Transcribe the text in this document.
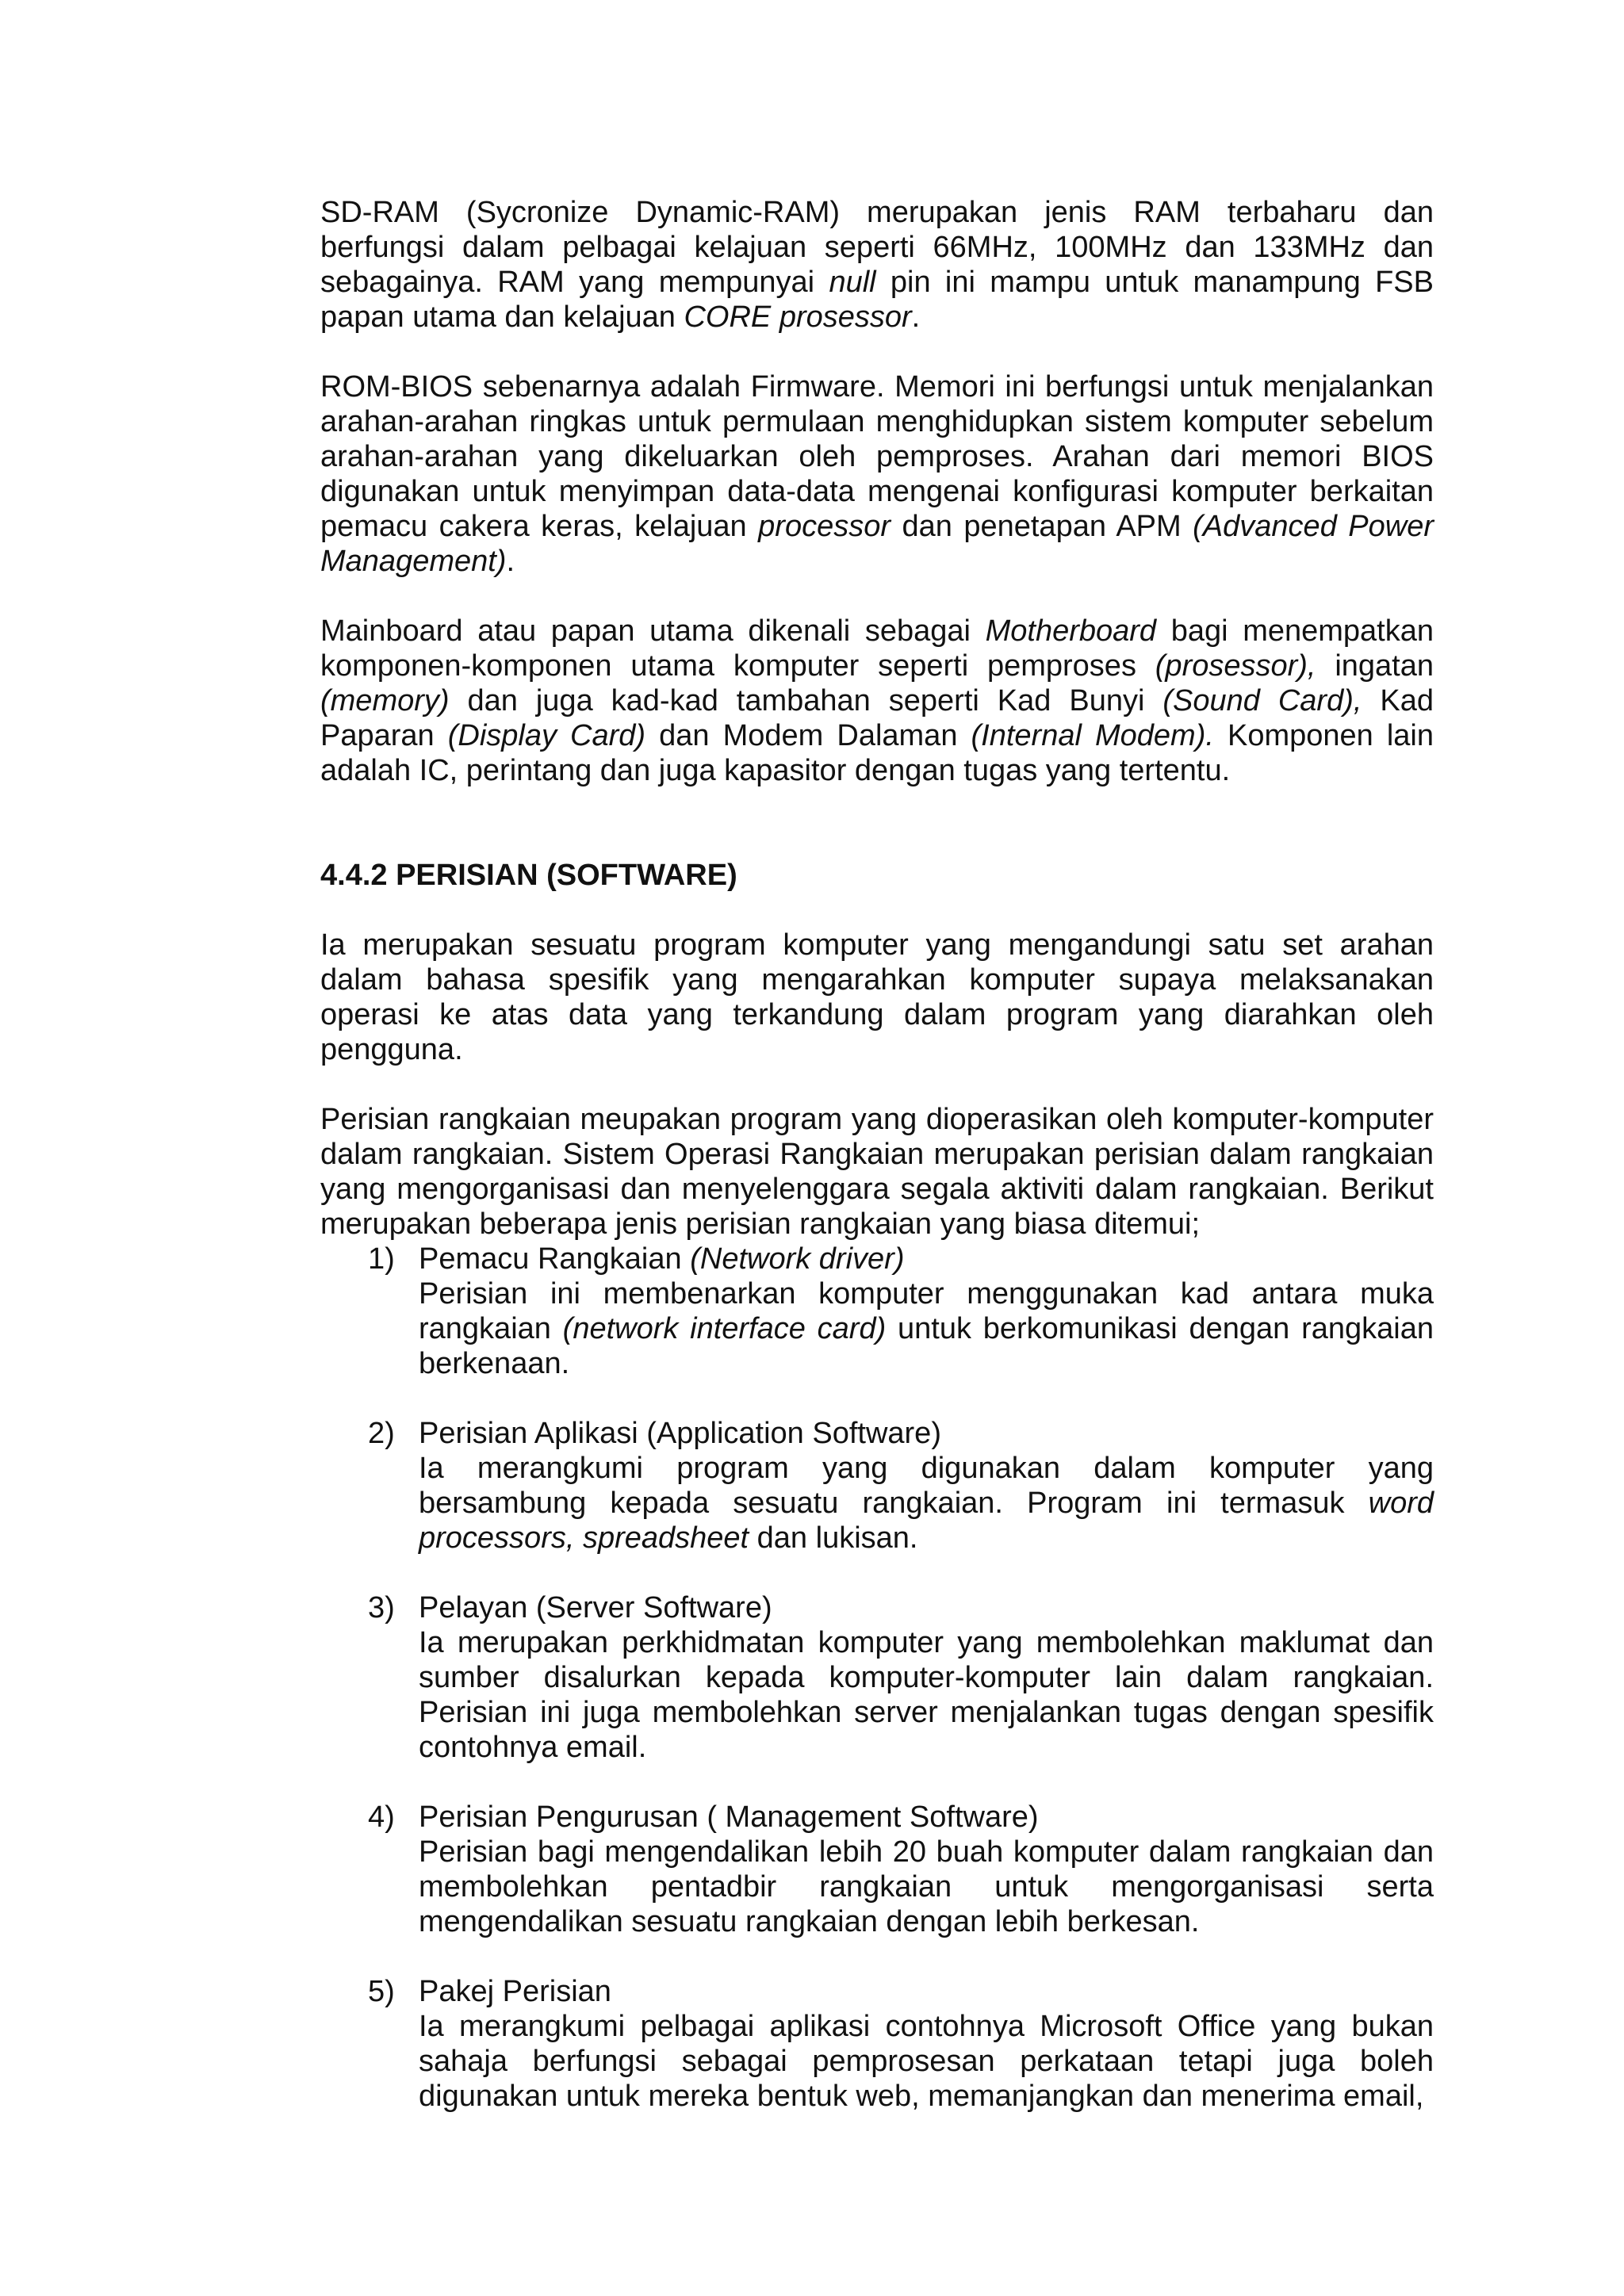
SD-RAM (Sycronize Dynamic-RAM) merupakan jenis RAM terbaharu dan berfungsi dalam pelbagai kelajuan seperti 66MHz, 100MHz dan 133MHz dan sebagainya. RAM yang mempunyai null pin ini mampu untuk manampung FSB papan utama dan kelajuan CORE prosessor.

ROM-BIOS sebenarnya adalah Firmware. Memori ini berfungsi untuk menjalankan arahan-arahan ringkas untuk permulaan menghidupkan sistem komputer sebelum arahan-arahan yang dikeluarkan oleh pemproses. Arahan dari memori BIOS digunakan untuk menyimpan data-data mengenai konfigurasi komputer berkaitan pemacu cakera keras, kelajuan processor dan penetapan APM (Advanced Power Management).

Mainboard atau papan utama dikenali sebagai Motherboard bagi menempatkan komponen-komponen utama komputer seperti pemproses (prosessor), ingatan (memory) dan juga kad-kad tambahan seperti Kad Bunyi (Sound Card), Kad Paparan (Display Card) dan Modem Dalaman (Internal Modem). Komponen lain adalah IC, perintang dan juga kapasitor dengan tugas yang tertentu.

4.4.2 PERISIAN (SOFTWARE)

Ia merupakan sesuatu program komputer yang mengandungi satu set arahan dalam bahasa spesifik yang mengarahkan komputer supaya melaksanakan operasi ke atas data yang terkandung dalam program yang diarahkan oleh pengguna.

Perisian rangkaian meupakan program yang dioperasikan oleh komputer-komputer dalam rangkaian. Sistem Operasi Rangkaian merupakan perisian dalam rangkaian yang mengorganisasi dan menyelenggara segala aktiviti dalam rangkaian. Berikut merupakan beberapa jenis perisian rangkaian yang biasa ditemui;

1) Pemacu Rangkaian (Network driver)
Perisian ini membenarkan komputer menggunakan kad antara muka rangkaian (network interface card) untuk berkomunikasi dengan rangkaian berkenaan.
2) Perisian Aplikasi (Application Software)
Ia merangkumi program yang digunakan dalam komputer yang bersambung kepada sesuatu rangkaian. Program ini termasuk word processors, spreadsheet dan lukisan.
3) Pelayan (Server Software)
Ia merupakan perkhidmatan komputer yang membolehkan maklumat dan sumber disalurkan kepada komputer-komputer lain dalam rangkaian. Perisian ini juga membolehkan server menjalankan tugas dengan spesifik contohnya email.
4) Perisian Pengurusan ( Management Software)
Perisian bagi mengendalikan lebih 20 buah komputer dalam rangkaian dan membolehkan pentadbir rangkaian untuk mengorganisasi serta mengendalikan sesuatu rangkaian dengan lebih berkesan.
5) Pakej Perisian
Ia merangkumi pelbagai aplikasi contohnya Microsoft Office yang bukan sahaja berfungsi sebagai pemprosesan perkataan tetapi juga boleh digunakan untuk mereka bentuk web, memanjangkan dan menerima email,
